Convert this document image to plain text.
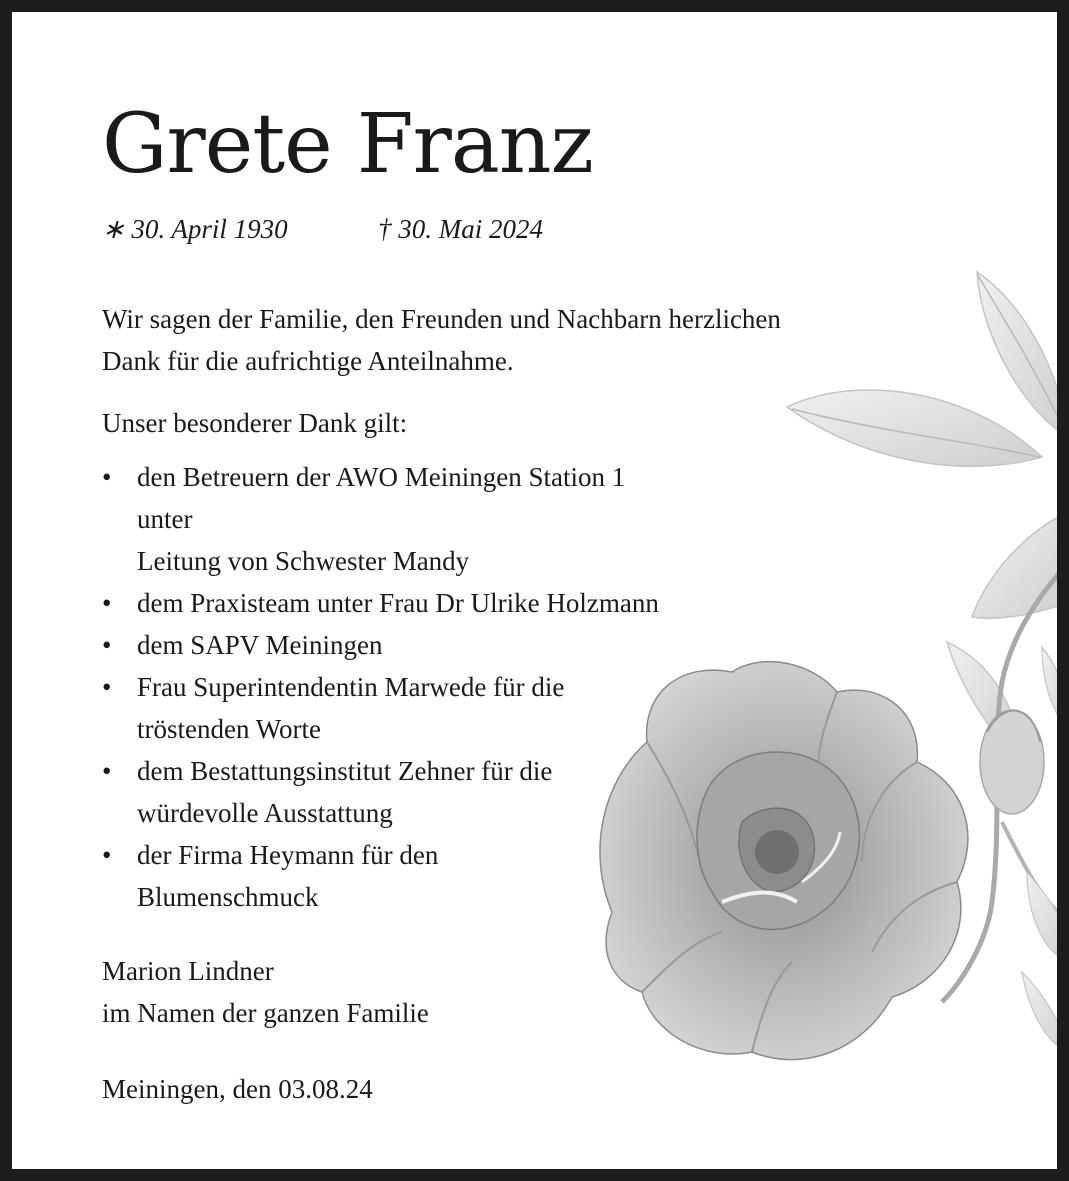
Grete Franz
∗ 30. April 1930	† 30. Mai 2024

Wir sagen der Familie, den Freunden und Nachbarn herzlichen
Dank für die aufrichtige Anteilnahme.

Unser besonderer Dank gilt:

• den Betreuern der AWO Meiningen Station 1 unter
Leitung von Schwester Mandy
• dem Praxisteam unter Frau Dr Ulrike Holzmann
• dem SAPV Meiningen
• Frau Superintendentin Marwede für die
tröstenden Worte
• dem Bestattungsinstitut Zehner für die
würdevolle Ausstattung
• der Firma Heymann für den
Blumenschmuck

Marion Lindner
im Namen der ganzen Familie

Meiningen, den 03.08.24
